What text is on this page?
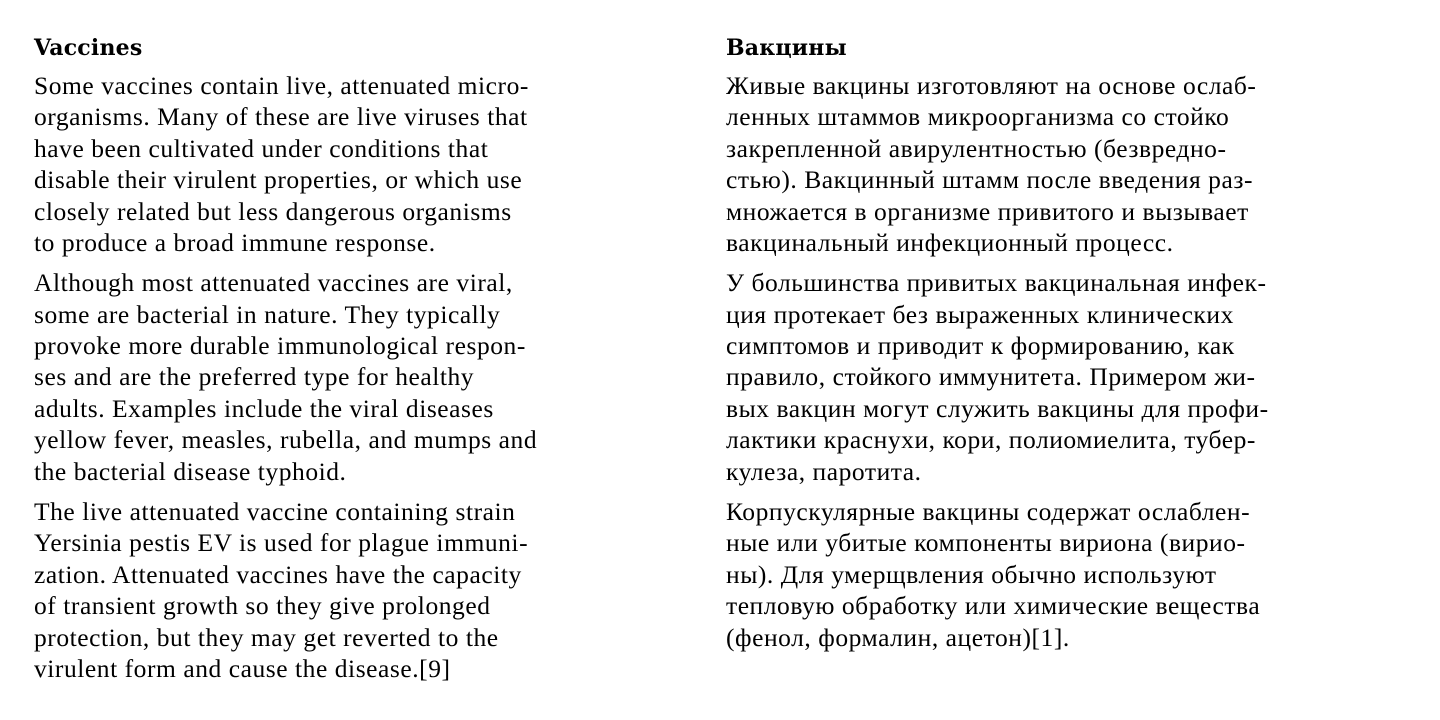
Vaccines

Some vaccines contain live, attenuated micro-
organisms. Many of these are live viruses that
have been cultivated under conditions that
disable their virulent properties, or which use
closely related but less dangerous organisms
to produce a broad immune response.

Although most attenuated vaccines are viral,
some are bacterial in nature. They typically
provoke more durable immunological respon-
ses and are the preferred type for healthy
adults. Examples include the viral diseases
yellow fever, measles, rubella, and mumps and
the bacterial disease typhoid.

The live attenuated vaccine containing strain
Yersinia pestis EV is used for plague immuni-
zation. Attenuated vaccines have the capacity
of transient growth so they give prolonged
protection, but they may get reverted to the
virulent form and cause the disease.[9]

Вакцины

Живые вакцины изготовляют на основе ослаб-
ленных штаммов микроорганизма со стойко
закрепленной авирулентностью (безвредно-
стью). Вакцинный штамм после введения раз-
множается в организме привитого и вызывает
вакцинальный инфекционный процесс.

У большинства привитых вакцинальная инфек-
ция протекает без выраженных клинических
симптомов и приводит к формированию, как
правило, стойкого иммунитета. Примером жи-
вых вакцин могут служить вакцины для профи-
лактики краснухи, кори, полиомиелита, тубер-
кулеза, паротита.

Корпускулярные вакцины содержат ослаблен-
ные или убитые компоненты вириона (вирио-
ны). Для умерщвления обычно используют
тепловую обработку или химические вещества
(фенол, формалин, ацетон)[1].
